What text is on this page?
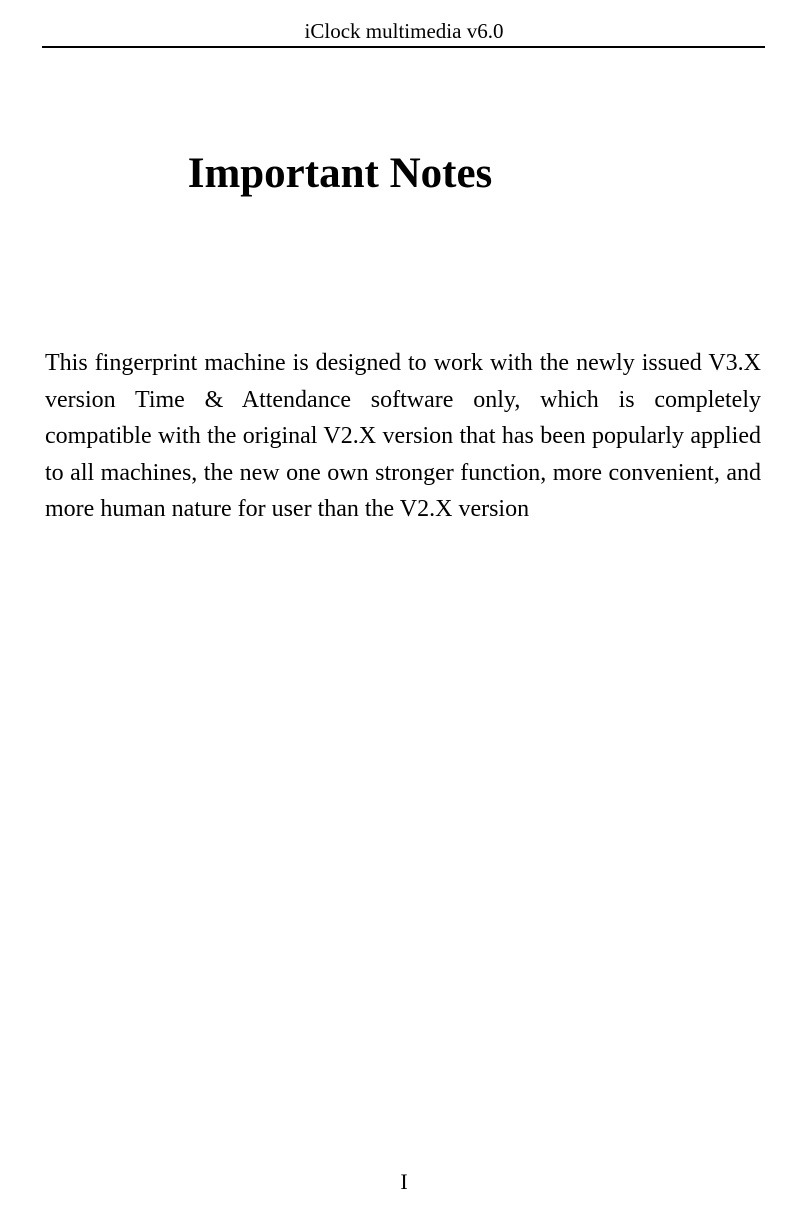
iClock multimedia v6.0
Important Notes

This fingerprint machine is designed to work with the newly issued V3.X version Time & Attendance software only, which is completely compatible with the original V2.X version that has been popularly applied to all machines, the new one own stronger function, more convenient, and more human nature for user than the V2.X version

I
